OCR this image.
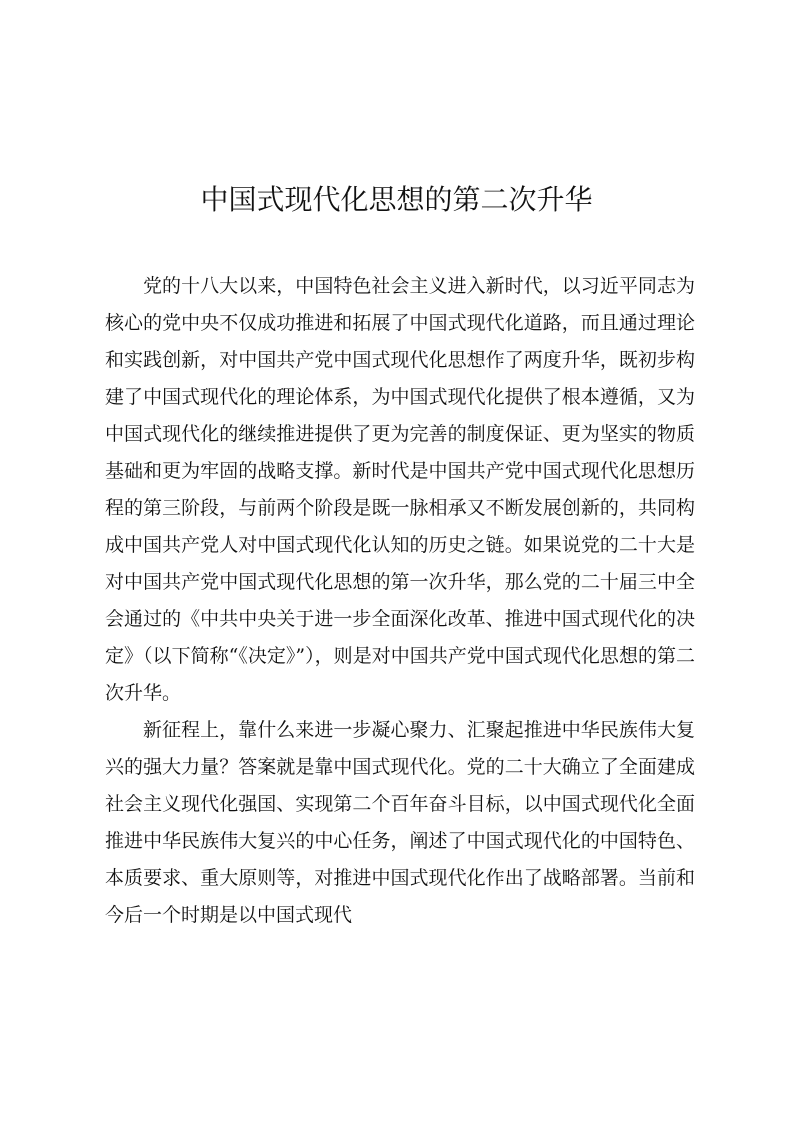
中国式现代化思想的第二次升华

党的十八大以来，中国特色社会主义进入新时代，以习近平同志为核心的党中央不仅成功推进和拓展了中国式现代化道路，而且通过理论和实践创新，对中国共产党中国式现代化思想作了两度升华，既初步构建了中国式现代化的理论体系，为中国式现代化提供了根本遵循，又为中国式现代化的继续推进提供了更为完善的制度保证、更为坚实的物质基础和更为牢固的战略支撑。新时代是中国共产党中国式现代化思想历程的第三阶段，与前两个阶段是既一脉相承又不断发展创新的，共同构成中国共产党人对中国式现代化认知的历史之链。如果说党的二十大是对中国共产党中国式现代化思想的第一次升华，那么党的二十届三中全会通过的《中共中央关于进一步全面深化改革、推进中国式现代化的决定》（以下简称“《决定》”），则是对中国共产党中国式现代化思想的第二次升华。

新征程上，靠什么来进一步凝心聚力、汇聚起推进中华民族伟大复兴的强大力量？答案就是靠中国式现代化。党的二十大确立了全面建成社会主义现代化强国、实现第二个百年奋斗目标，以中国式现代化全面推进中华民族伟大复兴的中心任务，阐述了中国式现代化的中国特色、本质要求、重大原则等，对推进中国式现代化作出了战略部署。当前和今后一个时期是以中国式现代
